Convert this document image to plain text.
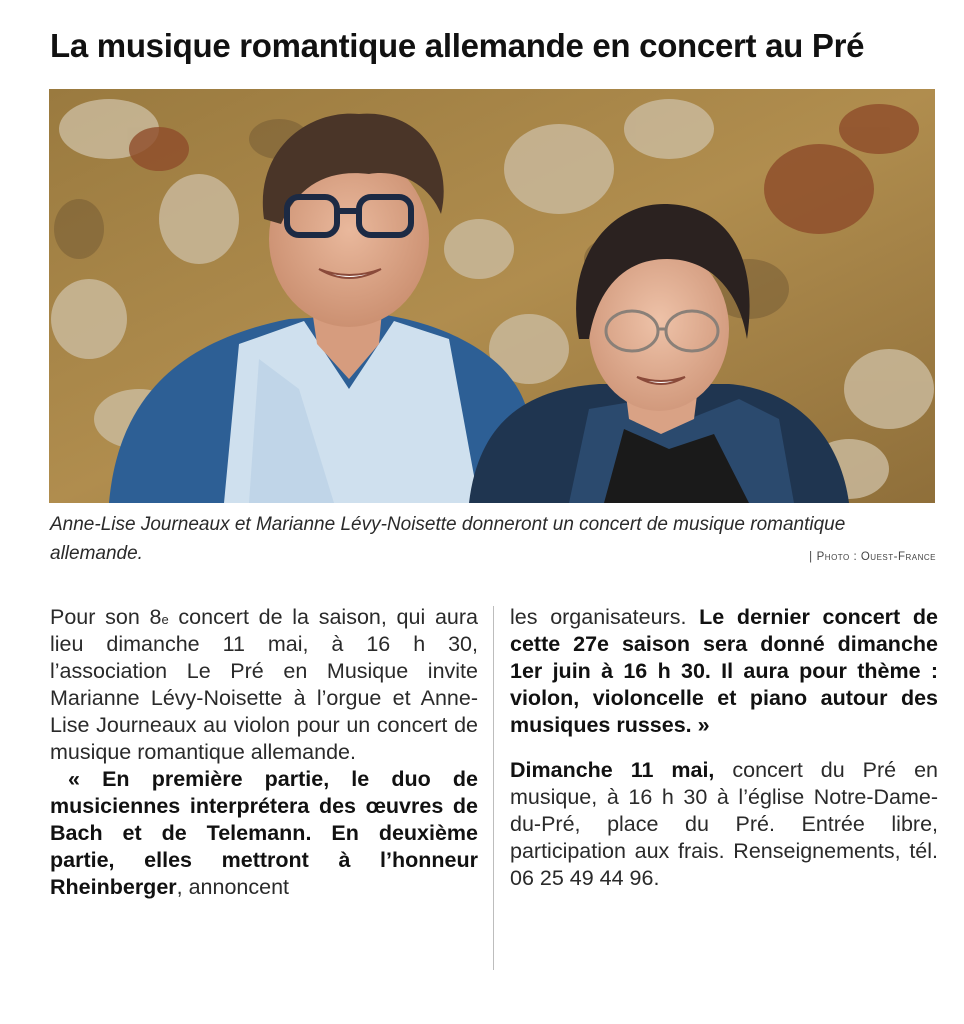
La musique romantique allemande en concert au Pré

Anne-Lise Journeaux et Marianne Lévy-Noisette donneront un concert de musique romantique allemande.	| Photo : Ouest-France

Pour son 8e concert de la saison, qui aura lieu dimanche 11 mai, à 16 h 30, l’association Le Pré en Musique invite Marianne Lévy-Noisette à l’orgue et Anne-Lise Journeaux au violon pour un concert de musique romantique allemande.

« En première partie, le duo de musiciennes interprétera des œuvres de Bach et de Telemann. En deuxième partie, elles mettront à l’honneur Rheinberger, annoncent

les organisateurs. Le dernier concert de cette 27e saison sera donné dimanche 1er juin à 16 h 30. Il aura pour thème : violon, violoncelle et piano autour des musiques russes. »

Dimanche 11 mai, concert du Pré en musique, à 16 h 30 à l’église Notre-Dame-du-Pré, place du Pré. Entrée libre, participation aux frais. Renseignements, tél. 06 25 49 44 96.
